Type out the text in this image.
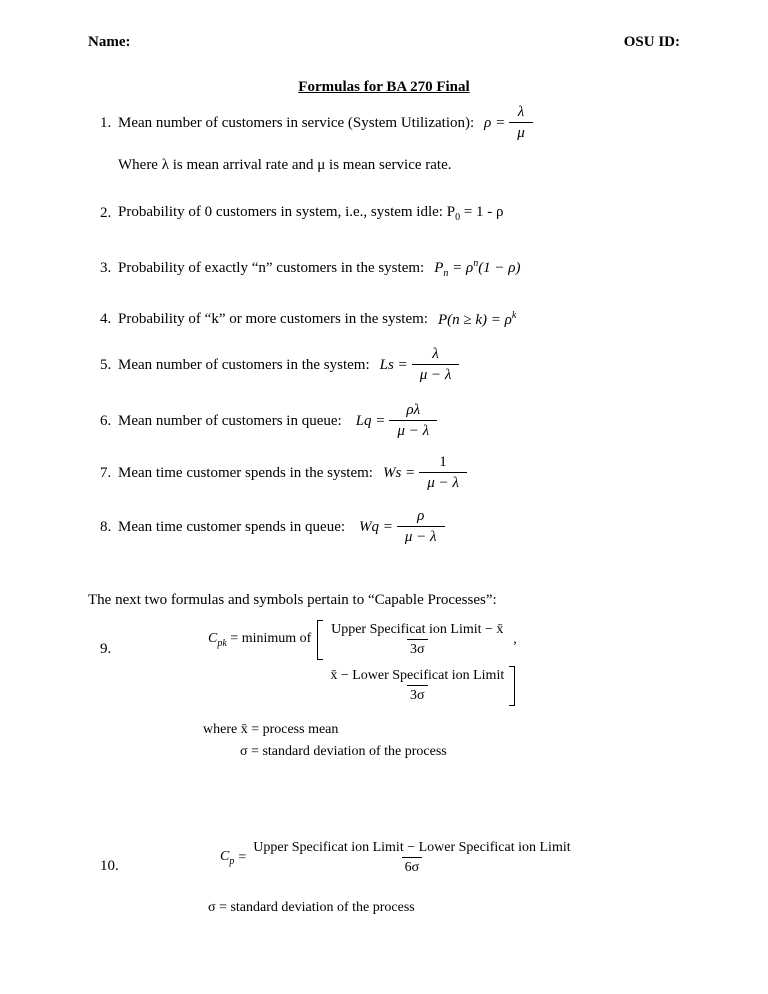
Name:	OSU ID:
Formulas for BA 270 Final
1. Mean number of customers in service (System Utilization): $\rho = \frac{\lambda}{\mu}$
Where λ is mean arrival rate and μ is mean service rate.
2. Probability of 0 customers in system, i.e., system idle: $P_0 = 1 - \rho$
3. Probability of exactly “n” customers in the system: $P_n = \rho^n(1 - \rho)$
4. Probability of “k” or more customers in the system: $P(n \ge k) = \rho^k$
5. Mean number of customers in the system: $Ls = \frac{\lambda}{\mu - \lambda}$
6. Mean number of customers in queue: $Lq = \frac{\rho\lambda}{\mu - \lambda}$
7. Mean time customer spends in the system: $Ws = \frac{1}{\mu - \lambda}$
8. Mean time customer spends in queue: $Wq = \frac{\rho}{\mu - \lambda}$
The next two formulas and symbols pertain to “Capable Processes”:
9.
$C_{pk}$ = minimum of $\frac{\text{Upper Specificat ion Limit − x̄}}{3\sigma}$ ,
$\frac{\text{x̄ − Lower Specificat ion Limit}}{3\sigma}$
where x̄ = process mean
σ = standard deviation of the process
10.
$C_p = \frac{\text{Upper Specificat ion Limit − Lower Specificat ion Limit}}{6\sigma}$
σ = standard deviation of the process
